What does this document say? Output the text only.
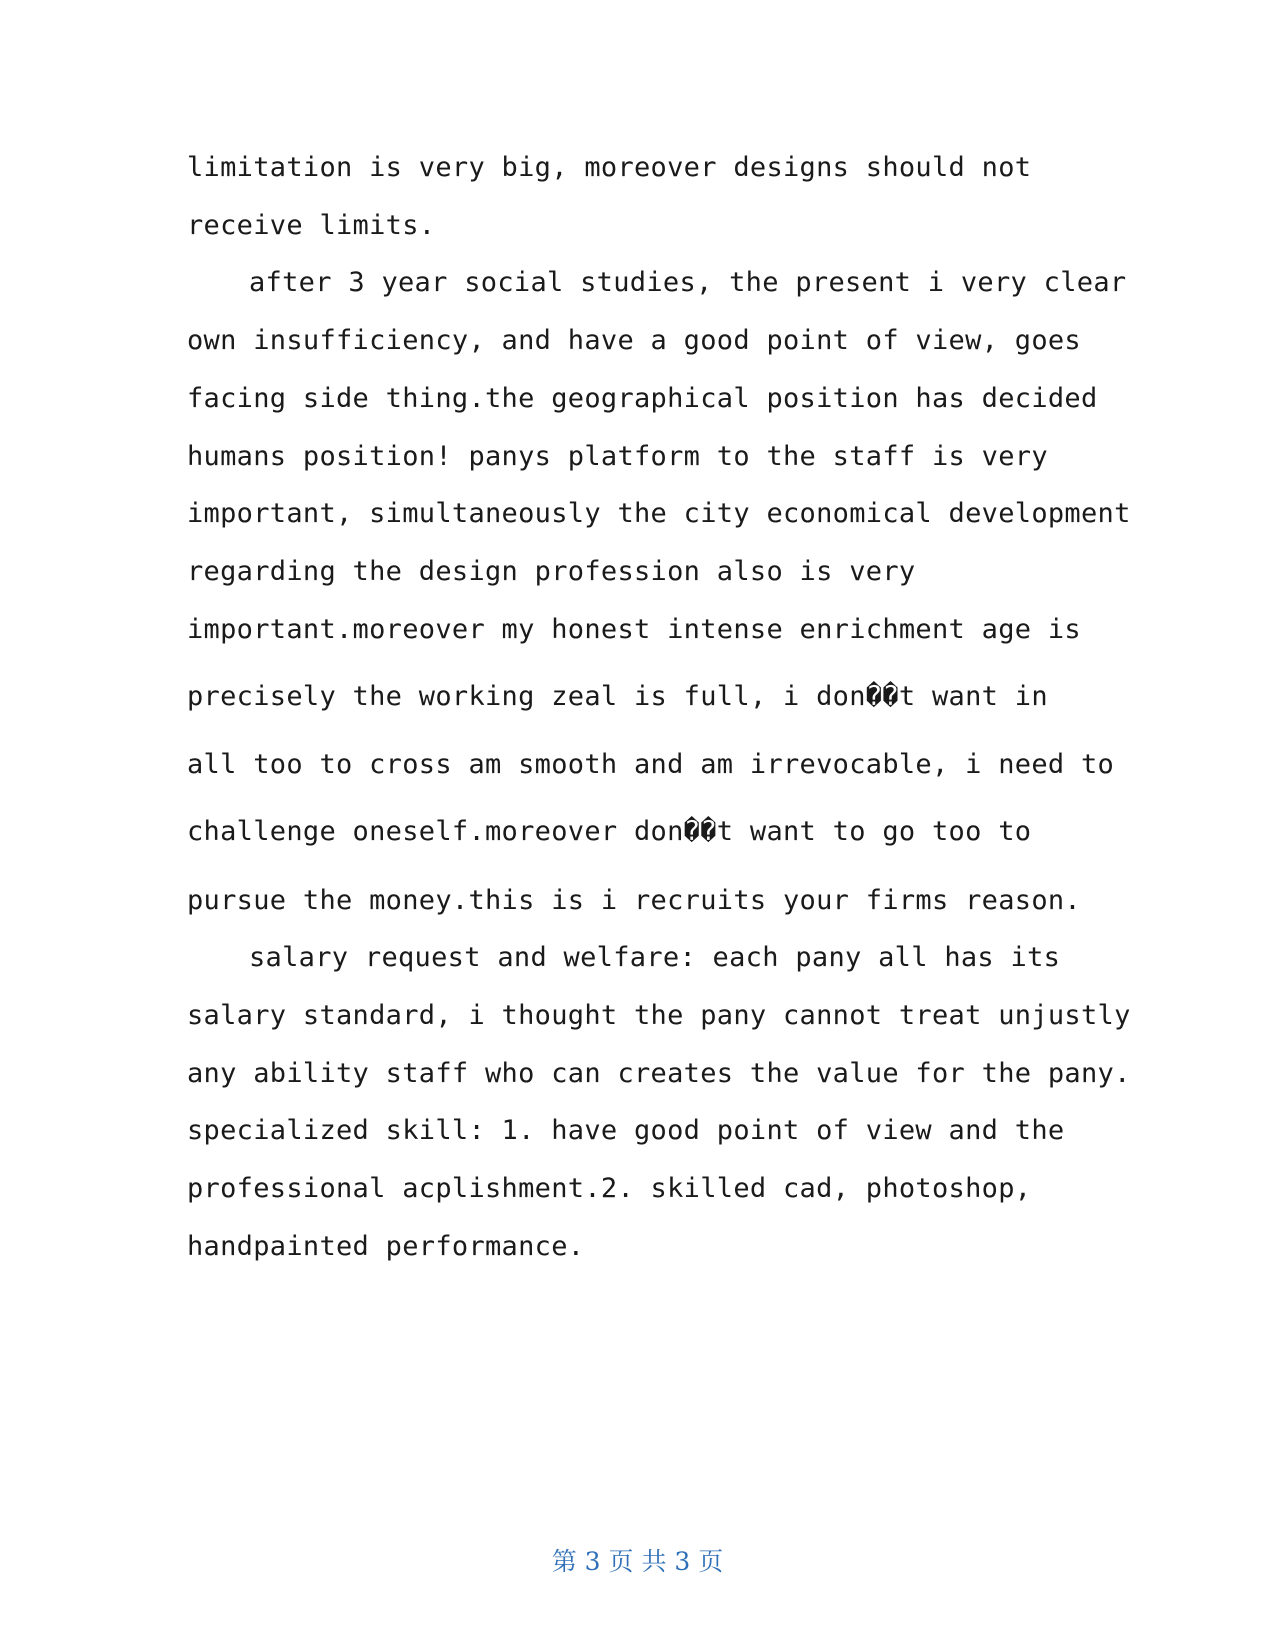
limitation is very big, moreover designs should not
receive limits.
after 3 year social studies, the present i very clear
own insufficiency, and have a good point of view, goes
facing side thing.the geographical position has decided
humans position! panys platform to the staff is very
important, simultaneously the city economical development
regarding the design profession also is very
important.moreover my honest intense enrichment age is
precisely the working zeal is full, i don��t want in
all too to cross am smooth and am irrevocable, i need to
challenge oneself.moreover don��t want to go too to
pursue the money.this is i recruits your firms reason.
salary request and welfare: each pany all has its
salary standard, i thought the pany cannot treat unjustly
any ability staff who can creates the value for the pany.
specialized skill: 1. have good point of view and the
professional acplishment.2. skilled cad, photoshop,
handpainted performance.
第 3 页 共 3 页
